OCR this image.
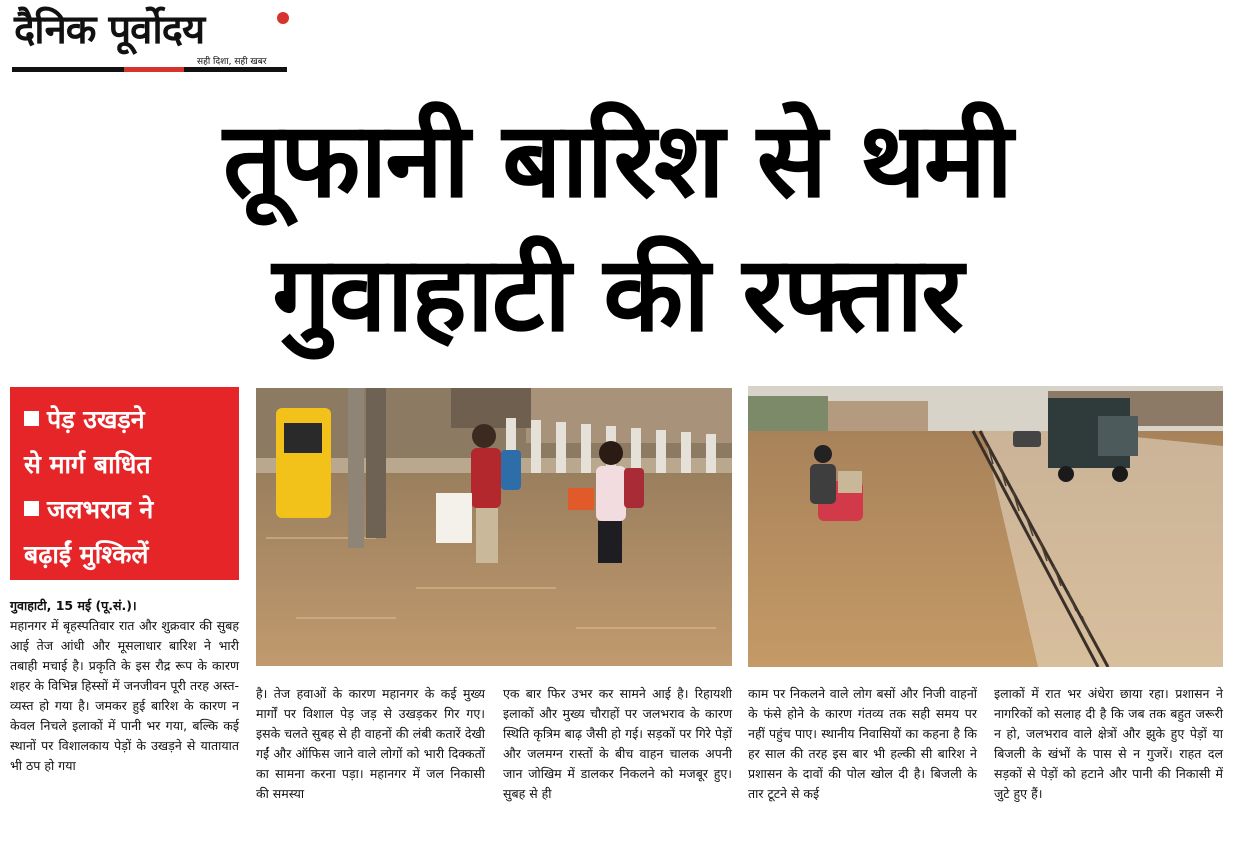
दैनिक पूर्वोदय
सही दिशा, सही खबर
तूफानी बारिश से थमी
गुवाहाटी की रफ्तार

पेड़ उखड़ने

से मार्ग बाधित

जलभराव ने

बढ़ाईं मुश्किलें

गुवाहाटी, 15 मई (पू.सं.)।

महानगर में बृहस्पतिवार रात और शुक्रवार की सुबह आई तेज आंधी और मूसलाधार बारिश ने भारी तबाही मचाई है। प्रकृति के इस रौद्र रूप के कारण शहर के विभिन्न हिस्सों में जनजीवन पूरी तरह अस्त-व्यस्त हो गया है। जमकर हुई बारिश के कारण न केवल निचले इलाकों में पानी भर गया, बल्कि कई स्थानों पर विशालकाय पेड़ों के उखड़ने से यातायात भी ठप हो गया

है। तेज हवाओं के कारण महानगर के कई मुख्य मार्गों पर विशाल पेड़ जड़ से उखड़कर गिर गए। इसके चलते सुबह से ही वाहनों की लंबी कतारें देखी गईं और ऑफिस जाने वाले लोगों को भारी दिक्कतों का सामना करना पड़ा। महानगर में जल निकासी की समस्या

एक बार फिर उभर कर सामने आई है। रिहायशी इलाकों और मुख्य चौराहों पर जलभराव के कारण स्थिति कृत्रिम बाढ़ जैसी हो गई। सड़कों पर गिरे पेड़ों और जलमग्न रास्तों के बीच वाहन चालक अपनी जान जोखिम में डालकर निकलने को मजबूर हुए। सुबह से ही

काम पर निकलने वाले लोग बसों और निजी वाहनों के फंसे होने के कारण गंतव्य तक सही समय पर नहीं पहुंच पाए। स्थानीय निवासियों का कहना है कि हर साल की तरह इस बार भी हल्की सी बारिश ने प्रशासन के दावों की पोल खोल दी है। बिजली के तार टूटने से कई

इलाकों में रात भर अंधेरा छाया रहा। प्रशासन ने नागरिकों को सलाह दी है कि जब तक बहुत जरूरी न हो, जलभराव वाले क्षेत्रों और झुके हुए पेड़ों या बिजली के खंभों के पास से न गुजरें। राहत दल सड़कों से पेड़ों को हटाने और पानी की निकासी में जुटे हुए हैं।
